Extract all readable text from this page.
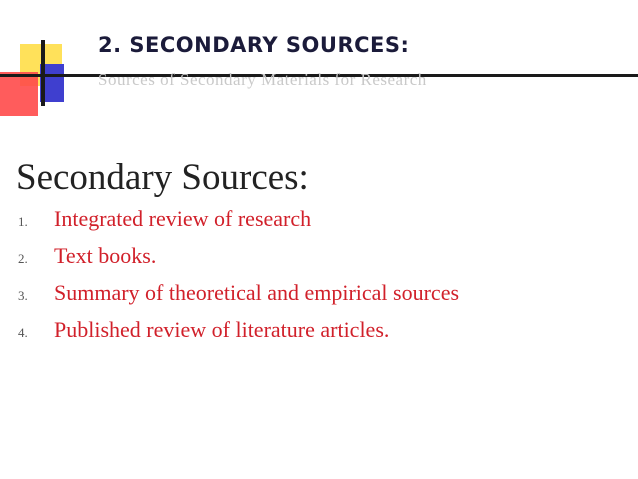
Sources of Secondary Materials for Research
2. SECONDARY SOURCES:
Secondary Sources:
1.	Integrated review of research
2.	Text books.
3.	Summary of theoretical and empirical sources
4.	Published review of literature articles.
